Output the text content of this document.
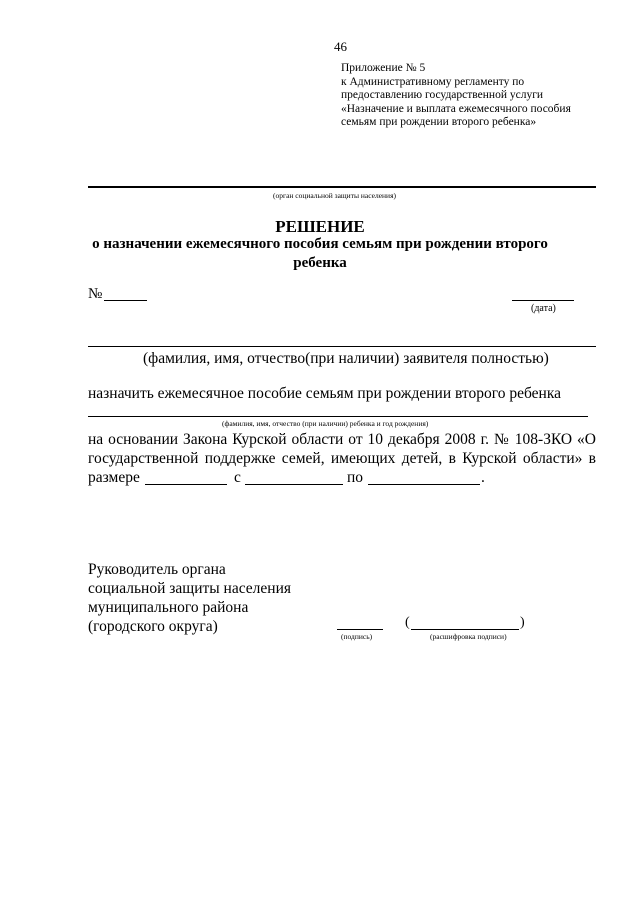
46
Приложение № 5
к Административному регламенту по
предоставлению государственной услуги
«Назначение и выплата ежемесячного пособия
семьям при рождении второго ребенка»
(орган социальной защиты населения)
РЕШЕНИЕ
о назначении ежемесячного пособия семьям при рождении второго
ребенка
№
(дата)
(фамилия, имя, отчество(при наличии) заявителя полностью)
назначить ежемесячное пособие семьям при рождении второго ребенка
(фамилия, имя, отчество (при наличии) ребенка и год рождения)
на основании Закона Курской области от 10 декабря 2008 г. № 108-ЗКО «О
государственной поддержке семей, имеющих детей, в Курской области» в
размере	с	по	.
Руководитель органа
социальной защиты населения
муниципального района
(городского округа)
(подпись)
(	)
(расшифровка подписи)
